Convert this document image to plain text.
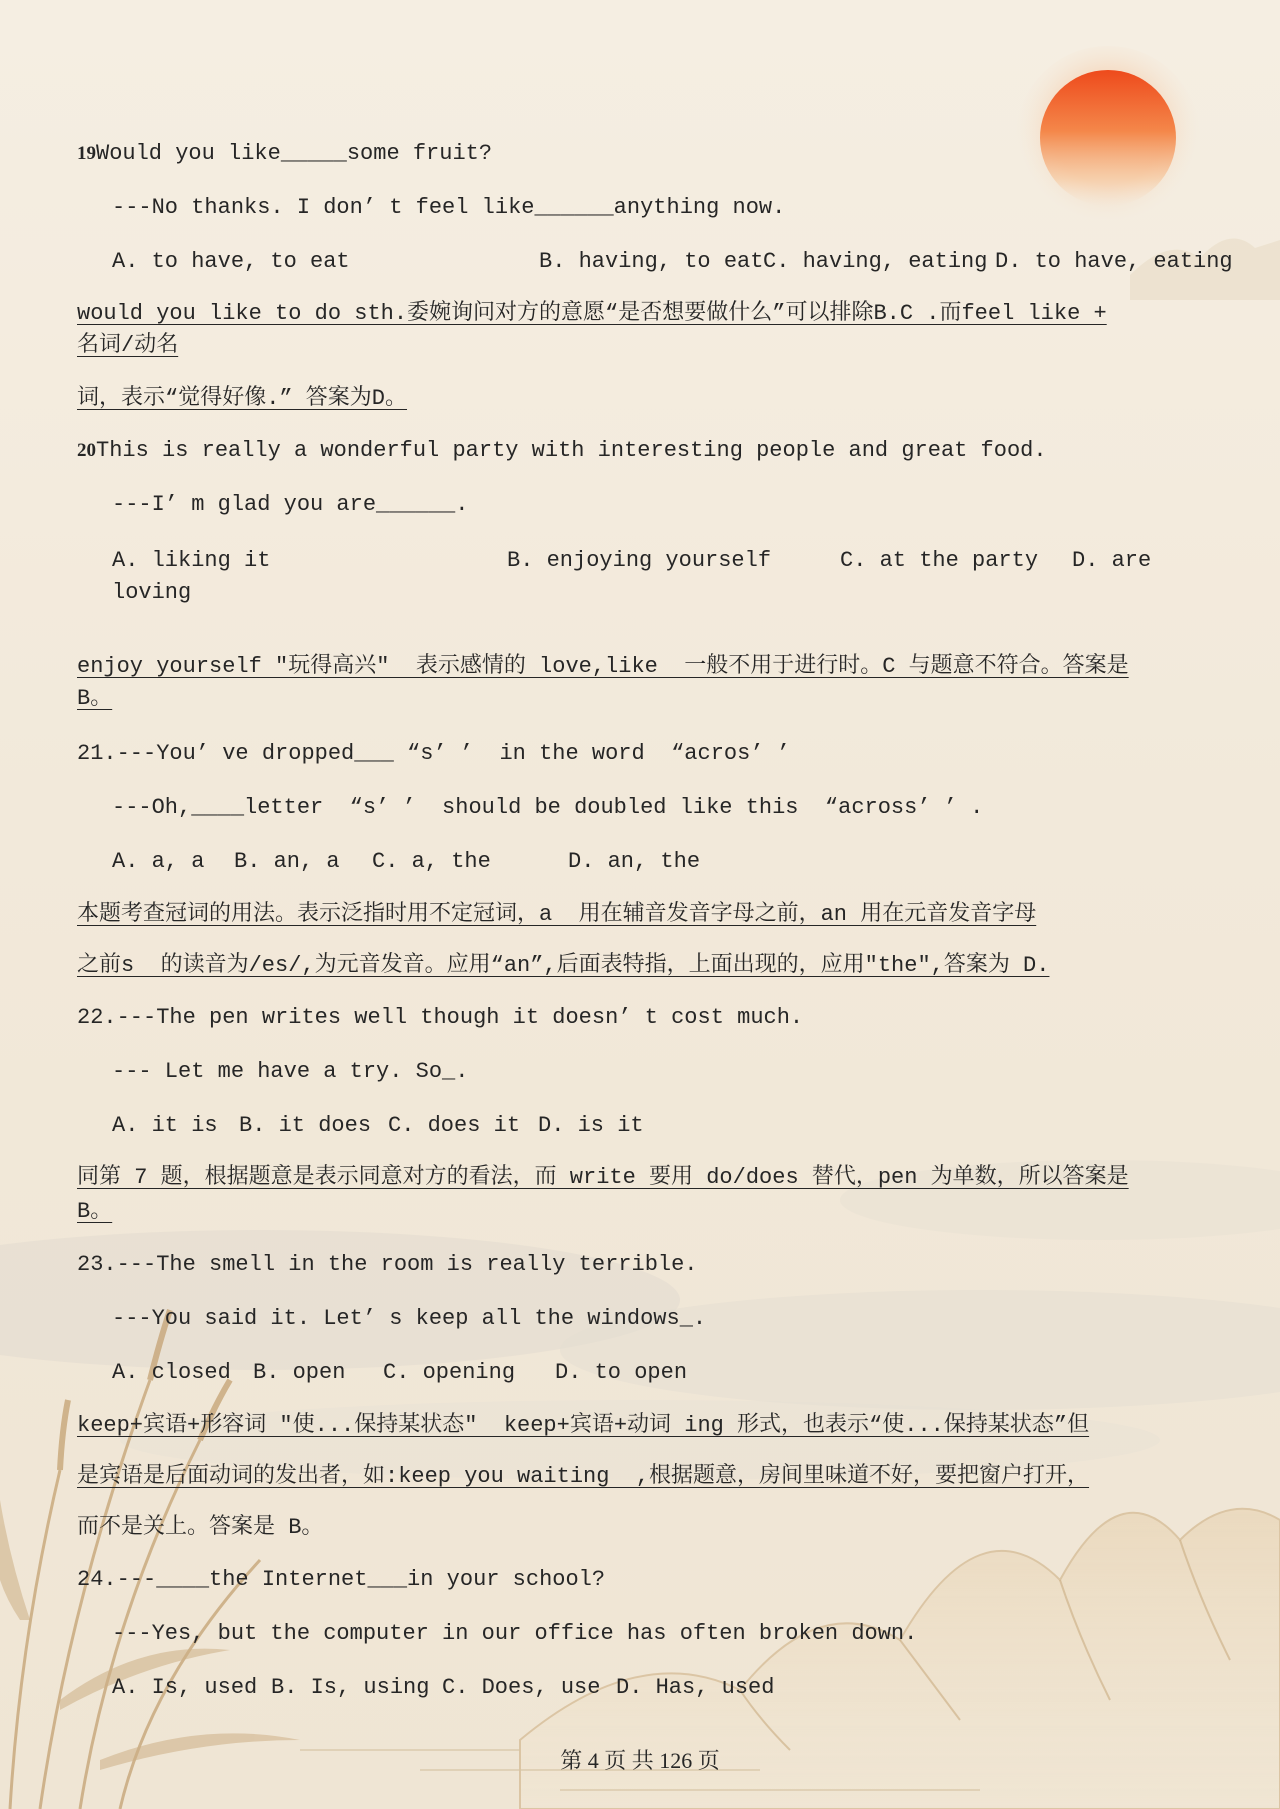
19Would you like_____some fruit?
---No thanks. I don’ t feel like______anything now.

A. to have, to eat

	B. having, to eat

C. having, eating

D. to have, eating

would you like to do sth.委婉询问对方的意愿“是否想要做什么”可以排除B.C .而feel like +
名词/动名
词，表示“觉得好像.” 答案为D。
20This is really a wonderful party with interesting people and great food.
---I’ m glad you are______.

A. liking it

	B. enjoying yourself

	C. at the party

D. are

loving
enjoy yourself "玩得高兴"  表示感情的 love,like  一般不用于进行时。C 与题意不符合。答案是
B。
21.---You’ ve dropped___ “s’ ’  in the word  “acros’ ’
---Oh,____letter  “s’ ’  should be doubled like this  “across’ ’ .

A. a, a

B. an, a

C. a, the

	D. an, the

本题考查冠词的用法。表示泛指时用不定冠词，a  用在辅音发音字母之前，an 用在元音发音字母
之前s  的读音为/es/,为元音发音。应用“an”,后面表特指，上面出现的，应用"the",答案为 D.
22.---The pen writes well though it doesn’ t cost much.
--- Let me have a try. So_.

A. it is

B. it does

C. does it

D. is it

同第 7 题，根据题意是表示同意对方的看法，而 write 要用 do/does 替代，pen 为单数，所以答案是
B。
23.---The smell in the room is really terrible.
---You said it. Let’ s keep all the windows_.

A. closed

B. open

C. opening

D. to open

keep+宾语+形容词 "使...保持某状态"  keep+宾语+动词 ing 形式，也表示“使...保持某状态”但
是宾语是后面动词的发出者，如:keep you waiting  ,根据题意，房间里味道不好，要把窗户打开，
而不是关上。答案是 B。
24.---____the Internet___in your school?
---Yes, but the computer in our office has often broken down.

A. Is, used

B. Is, using

C. Does, use

D. Has, used

第 4 页 共 126 页
